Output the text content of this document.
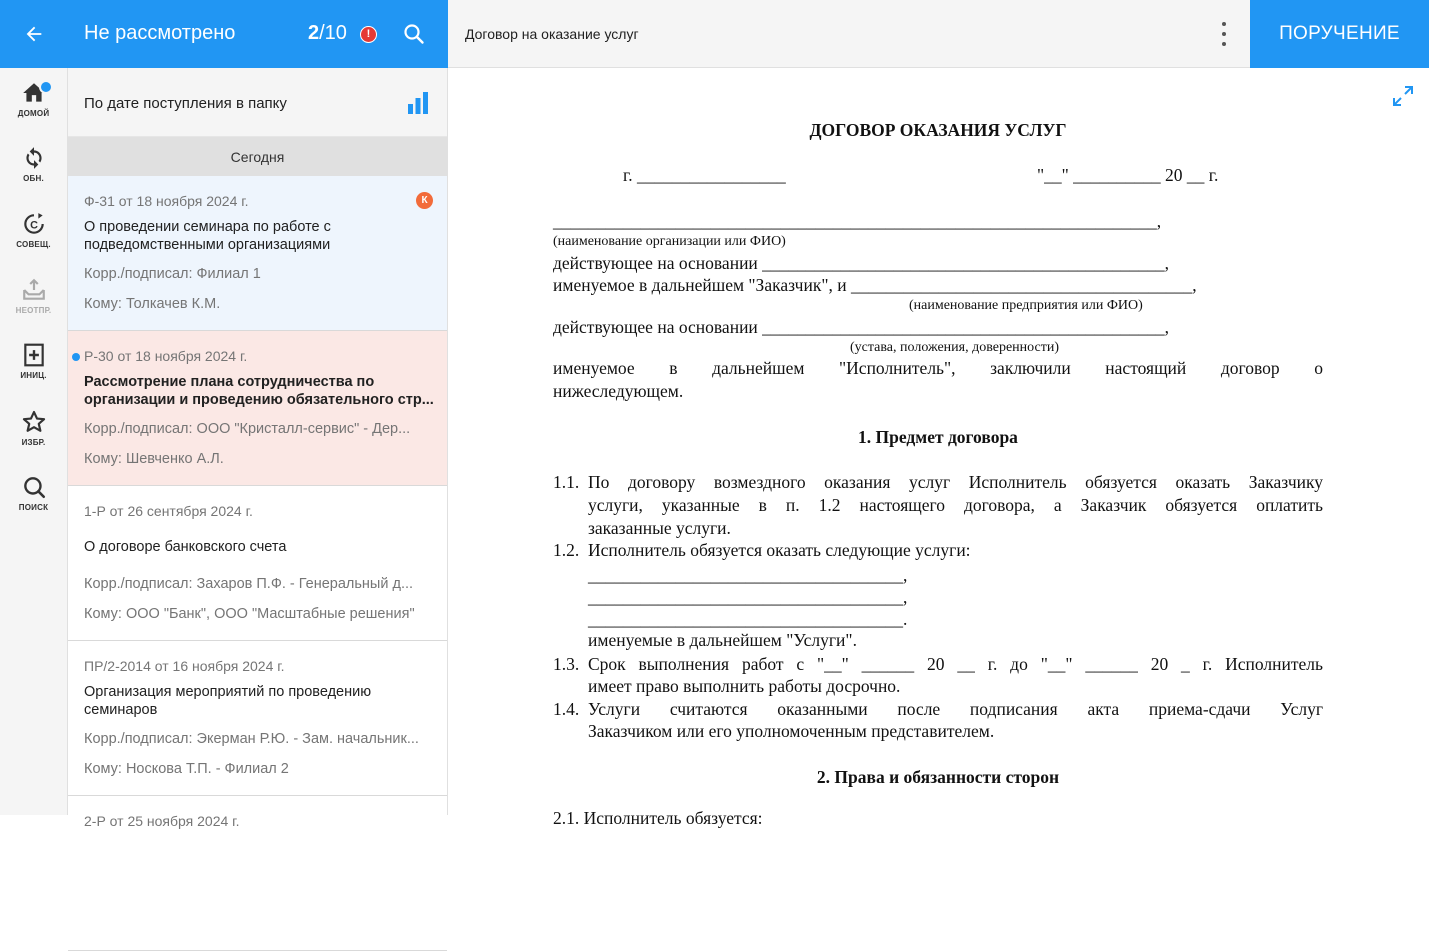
Не рассмотрено	2/10	!	Договор на оказание услуг	ПОРУЧЕНИЕ
ДОМОЙ
ОБН.
C
СОВЕЩ.
НЕОТПР.
ИНИЦ.
ИЗБР.
ПОИСК
По дате поступления в папку
Сегодня
Ф-31 от 18 ноября 2024 г.	К
О проведении семинара по работе с подведомственными организациями
Корр./подписал: Филиал 1
Кому: Толкачев К.М.
Р-30 от 18 ноября 2024 г.
Рассмотрение плана сотрудничества по организации и проведению обязательного стр...
Корр./подписал: ООО "Кристалл-сервис" - Дер...
Кому: Шевченко А.Л.
1-Р от 26 сентября 2024 г.
О договоре банковского счета
Корр./подписал: Захаров П.Ф. - Генеральный д...
Кому: ООО "Банк", ООО "Масштабные решения"
ПР/2-2014 от 16 ноября 2024 г.
Организация мероприятий по проведению семинаров
Корр./подписал: Экерман Р.Ю. - Зам. начальник...
Кому: Носкова Т.П. - Филиал 2
2-Р от 25 ноября 2024 г.
ДОГОВОР ОКАЗАНИЯ УСЛУГ
г. _________________	"__" __________ 20 __ г.
_____________________________________________________________________,
(наименование организации или ФИО)
действующее на основании ______________________________________________,
именуемое в дальнейшем "Заказчик", и _______________________________________,
(наименование предприятия или ФИО)
действующее на основании ______________________________________________,
(устава, положения, доверенности)
именуемое в дальнейшем "Исполнитель", заключили настоящий договор о
нижеследующем.
1. Предмет договора
1.1. По договору возмездного оказания услуг Исполнитель обязуется оказать Заказчику
услуги, указанные в п. 1.2 настоящего договора, а Заказчик обязуется оплатить
заказанные услуги.
1.2. Исполнитель обязуется оказать следующие услуги:
____________________________________,
____________________________________,
____________________________________.
именуемые в дальнейшем "Услуги".
1.3. Срок выполнения работ с "__" ______ 20 __ г. до "__" ______ 20 _ г. Исполнитель
имеет право выполнить работы досрочно.
1.4. Услуги считаются оказанными после подписания акта приема-сдачи Услуг
Заказчиком или его уполномоченным представителем.
2. Права и обязанности сторон
2.1. Исполнитель обязуется:
